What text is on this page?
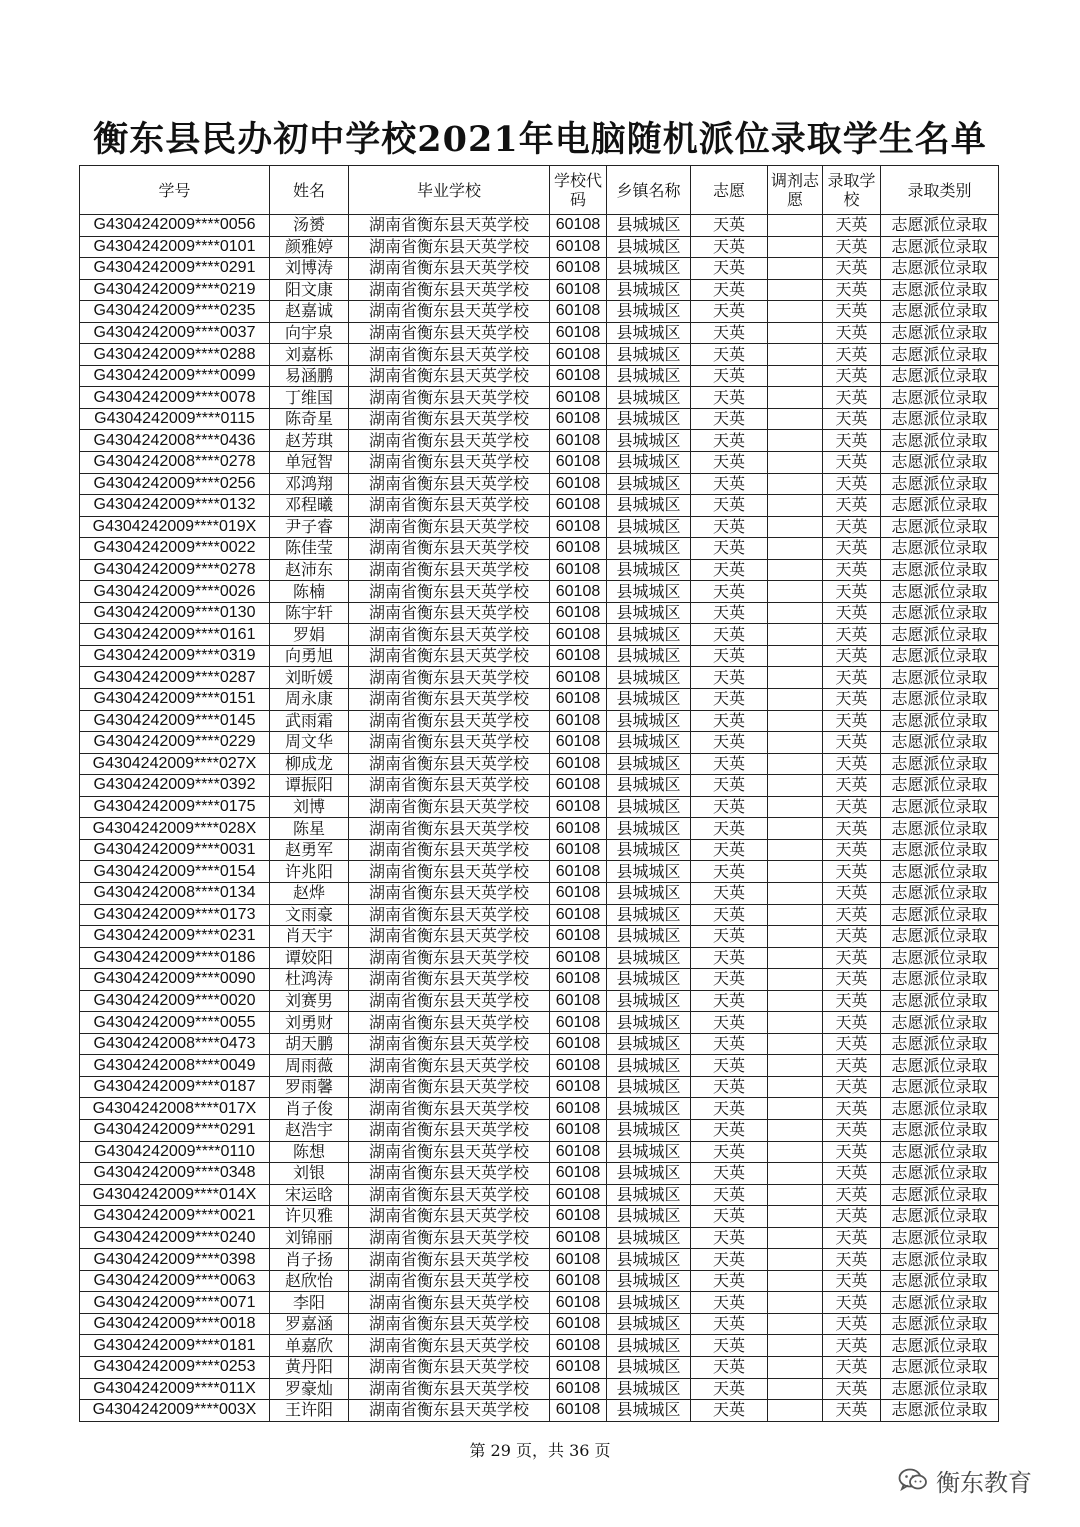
衡东县民办初中学校2021年电脑随机派位录取学生名单
学号	姓名	毕业学校	学校代码	乡镇名称	志愿	调剂志愿	录取学校	录取类别
G4304242009****0056	汤赟	湖南省衡东县天英学校	60108	县城城区	天英		天英	志愿派位录取
G4304242009****0101	颜雅婷	湖南省衡东县天英学校	60108	县城城区	天英		天英	志愿派位录取
G4304242009****0291	刘博涛	湖南省衡东县天英学校	60108	县城城区	天英		天英	志愿派位录取
G4304242009****0219	阳文康	湖南省衡东县天英学校	60108	县城城区	天英		天英	志愿派位录取
G4304242009****0235	赵嘉诚	湖南省衡东县天英学校	60108	县城城区	天英		天英	志愿派位录取
G4304242009****0037	向宇泉	湖南省衡东县天英学校	60108	县城城区	天英		天英	志愿派位录取
G4304242009****0288	刘嘉栎	湖南省衡东县天英学校	60108	县城城区	天英		天英	志愿派位录取
G4304242009****0099	易涵鹏	湖南省衡东县天英学校	60108	县城城区	天英		天英	志愿派位录取
G4304242009****0078	丁维国	湖南省衡东县天英学校	60108	县城城区	天英		天英	志愿派位录取
G4304242009****0115	陈奇星	湖南省衡东县天英学校	60108	县城城区	天英		天英	志愿派位录取
G4304242008****0436	赵芳琪	湖南省衡东县天英学校	60108	县城城区	天英		天英	志愿派位录取
G4304242008****0278	单冠智	湖南省衡东县天英学校	60108	县城城区	天英		天英	志愿派位录取
G4304242009****0256	邓鸿翔	湖南省衡东县天英学校	60108	县城城区	天英		天英	志愿派位录取
G4304242009****0132	邓程曦	湖南省衡东县天英学校	60108	县城城区	天英		天英	志愿派位录取
G4304242009****019X	尹子睿	湖南省衡东县天英学校	60108	县城城区	天英		天英	志愿派位录取
G4304242009****0022	陈佳莹	湖南省衡东县天英学校	60108	县城城区	天英		天英	志愿派位录取
G4304242009****0278	赵沛东	湖南省衡东县天英学校	60108	县城城区	天英		天英	志愿派位录取
G4304242009****0026	陈楠	湖南省衡东县天英学校	60108	县城城区	天英		天英	志愿派位录取
G4304242009****0130	陈宇轩	湖南省衡东县天英学校	60108	县城城区	天英		天英	志愿派位录取
G4304242009****0161	罗娟	湖南省衡东县天英学校	60108	县城城区	天英		天英	志愿派位录取
G4304242009****0319	向勇旭	湖南省衡东县天英学校	60108	县城城区	天英		天英	志愿派位录取
G4304242009****0287	刘昕媛	湖南省衡东县天英学校	60108	县城城区	天英		天英	志愿派位录取
G4304242009****0151	周永康	湖南省衡东县天英学校	60108	县城城区	天英		天英	志愿派位录取
G4304242009****0145	武雨霜	湖南省衡东县天英学校	60108	县城城区	天英		天英	志愿派位录取
G4304242009****0229	周文华	湖南省衡东县天英学校	60108	县城城区	天英		天英	志愿派位录取
G4304242009****027X	柳成龙	湖南省衡东县天英学校	60108	县城城区	天英		天英	志愿派位录取
G4304242009****0392	谭振阳	湖南省衡东县天英学校	60108	县城城区	天英		天英	志愿派位录取
G4304242009****0175	刘博	湖南省衡东县天英学校	60108	县城城区	天英		天英	志愿派位录取
G4304242009****028X	陈星	湖南省衡东县天英学校	60108	县城城区	天英		天英	志愿派位录取
G4304242009****0031	赵勇军	湖南省衡东县天英学校	60108	县城城区	天英		天英	志愿派位录取
G4304242009****0154	许兆阳	湖南省衡东县天英学校	60108	县城城区	天英		天英	志愿派位录取
G4304242008****0134	赵烨	湖南省衡东县天英学校	60108	县城城区	天英		天英	志愿派位录取
G4304242009****0173	文雨豪	湖南省衡东县天英学校	60108	县城城区	天英		天英	志愿派位录取
G4304242009****0231	肖天宇	湖南省衡东县天英学校	60108	县城城区	天英		天英	志愿派位录取
G4304242009****0186	谭姣阳	湖南省衡东县天英学校	60108	县城城区	天英		天英	志愿派位录取
G4304242009****0090	杜鸿涛	湖南省衡东县天英学校	60108	县城城区	天英		天英	志愿派位录取
G4304242009****0020	刘赛男	湖南省衡东县天英学校	60108	县城城区	天英		天英	志愿派位录取
G4304242009****0055	刘勇财	湖南省衡东县天英学校	60108	县城城区	天英		天英	志愿派位录取
G4304242008****0473	胡天鹏	湖南省衡东县天英学校	60108	县城城区	天英		天英	志愿派位录取
G4304242008****0049	周雨薇	湖南省衡东县天英学校	60108	县城城区	天英		天英	志愿派位录取
G4304242009****0187	罗雨馨	湖南省衡东县天英学校	60108	县城城区	天英		天英	志愿派位录取
G4304242008****017X	肖子俊	湖南省衡东县天英学校	60108	县城城区	天英		天英	志愿派位录取
G4304242009****0291	赵浩宇	湖南省衡东县天英学校	60108	县城城区	天英		天英	志愿派位录取
G4304242009****0110	陈想	湖南省衡东县天英学校	60108	县城城区	天英		天英	志愿派位录取
G4304242009****0348	刘银	湖南省衡东县天英学校	60108	县城城区	天英		天英	志愿派位录取
G4304242009****014X	宋运晗	湖南省衡东县天英学校	60108	县城城区	天英		天英	志愿派位录取
G4304242009****0021	许贝雅	湖南省衡东县天英学校	60108	县城城区	天英		天英	志愿派位录取
G4304242009****0240	刘锦丽	湖南省衡东县天英学校	60108	县城城区	天英		天英	志愿派位录取
G4304242009****0398	肖子扬	湖南省衡东县天英学校	60108	县城城区	天英		天英	志愿派位录取
G4304242009****0063	赵欣怡	湖南省衡东县天英学校	60108	县城城区	天英		天英	志愿派位录取
G4304242009****0071	李阳	湖南省衡东县天英学校	60108	县城城区	天英		天英	志愿派位录取
G4304242009****0018	罗嘉涵	湖南省衡东县天英学校	60108	县城城区	天英		天英	志愿派位录取
G4304242009****0181	单嘉欣	湖南省衡东县天英学校	60108	县城城区	天英		天英	志愿派位录取
G4304242009****0253	黄丹阳	湖南省衡东县天英学校	60108	县城城区	天英		天英	志愿派位录取
G4304242009****011X	罗豪灿	湖南省衡东县天英学校	60108	县城城区	天英		天英	志愿派位录取
G4304242009****003X	王许阳	湖南省衡东县天英学校	60108	县城城区	天英		天英	志愿派位录取
第 29 页，共 36 页
衡东教育
